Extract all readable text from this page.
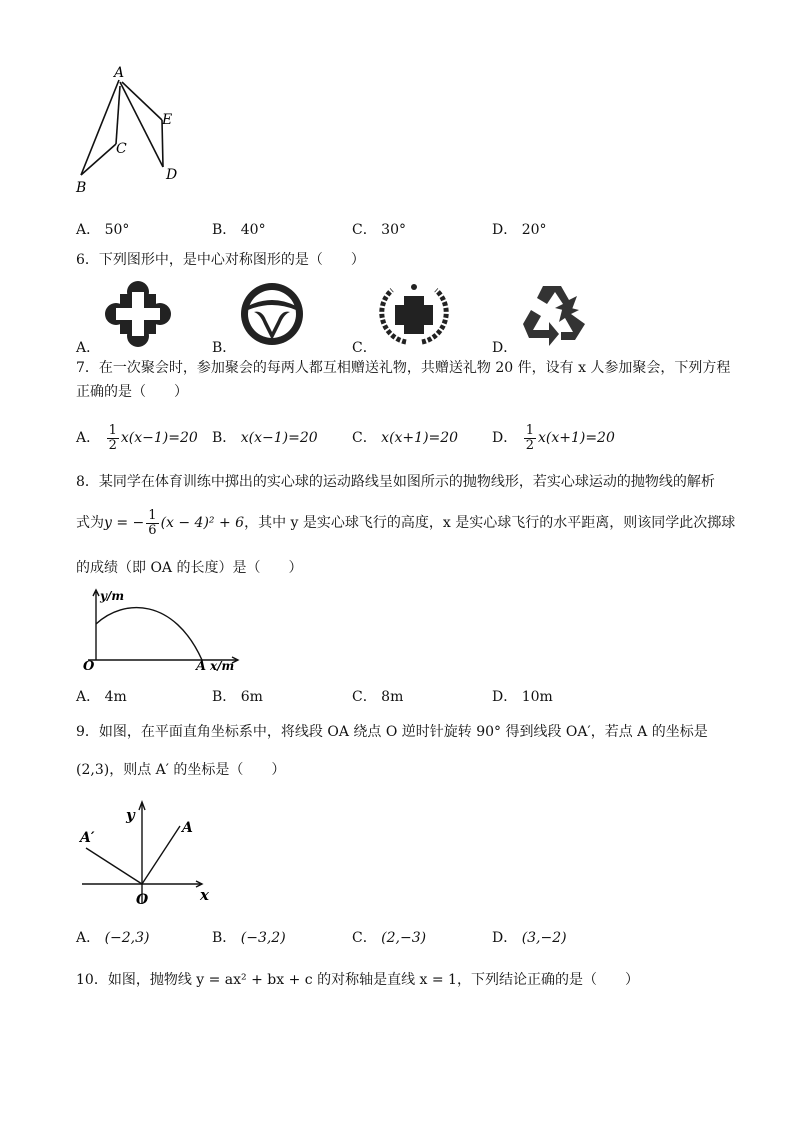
A
B
C
D
E
A． 50°	B． 40°	C． 30°	D． 20°
6．下列图形中，是中心对称图形的是（　　）
A．	B．	C．	D．
7．在一次聚会时，参加聚会的每两人都互相赠送礼物，共赠送礼物 20 件，设有 x 人参加聚会，下列方程
正确的是（　　）
A． $\frac{1}{2} x(x-1)=20$ B． x(x−1)=20 C． x(x+1)=20 D． $\frac{1}{2} x(x+1)=20$
8．某同学在体育训练中掷出的实心球的运动路线呈如图所示的抛物线形，若实心球运动的抛物线的解析
式为y = − $\frac{1}{6} (x - 4)^2 + 6$，其中 y 是实心球飞行的高度，x 是实心球飞行的水平距离，则该同学此次掷球
的成绩（即 OA 的长度）是（　　）
y/m
x/m
O	A
A． 4m	B． 6m	C． 8m	D． 10m
9．如图，在平面直角坐标系中，将线段 OA 绕点 O 逆时针旋转 90° 得到线段 OA′，若点 A 的坐标是
(2,3)，则点 A′ 的坐标是（　　）
y
x
O
A
A′
A． (−2,3)	B． (−3,2)	C． (2,−3)	D． (3,−2)
10．如图，抛物线 y = ax² + bx + c 的对称轴是直线 x = 1，下列结论正确的是（　　）
